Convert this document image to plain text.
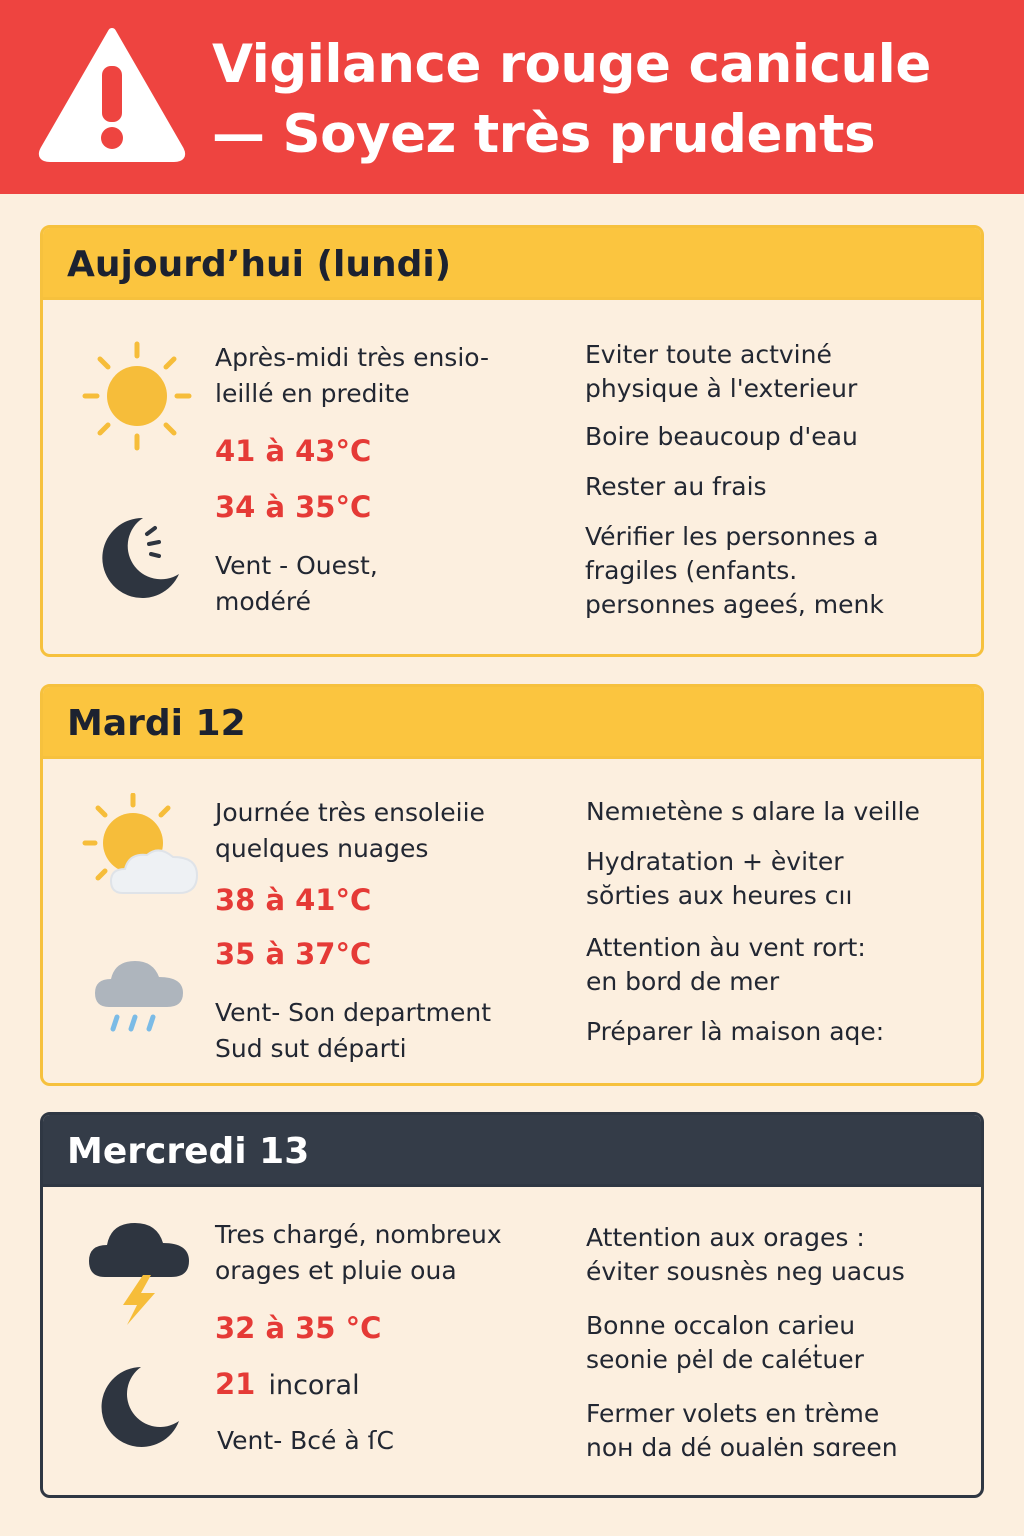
Vigilance rouge canicule
— Soyez très prudents
Aujourd’hui (lundi)
Après-midi très ensio-
leillé en predite
41 à 43°C
34 à 35°C
Vent - Ouest,
modéré
Eviter toute actviné
physique à l'exterieur
Boire beaucoup d'eau
Rester au frais
Vérifier les personnes a
fragiles (enfants.
personnes ageeś, menk
Mardi 12
Journée très ensoleiie
quelques nuages
38 à 41°C
35 à 37°C
Vent- Son department
Sud sut départi
Nemıetène s ɑlare la veille
Hydratation + èviter
sŏrties aux heures cıı
Attention àu vent rort:
en bord de mer
Préparer là maison aqe:
Mercredi 13
Tres chargé, nombreux
orages et pluie oua
32 à 35 °C
21 incoral
Vent- Bcé à ſC
Attention aux orages :
éviter sousnès neg uacus
Bonne occalon carieu
seonie pėl de caléṫuer
Fermer volets en trème
noн da dé oualėn sɑreen
